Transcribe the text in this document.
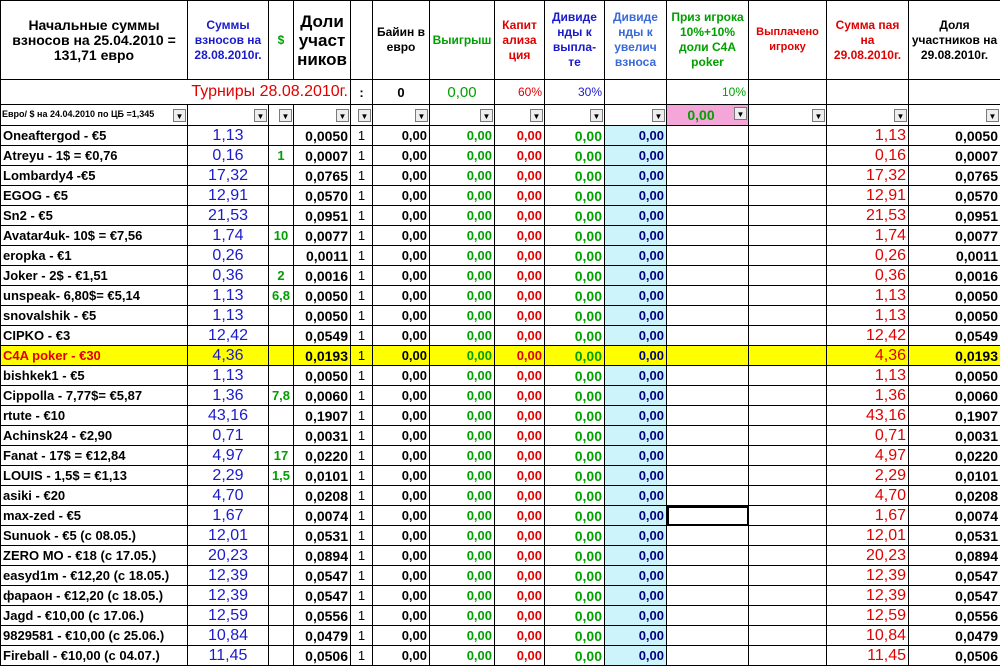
Начальные суммы взносов на 25.04.2010 = 131,71 евро	Суммы взносов на 28.08.2010г.	$	Доли участ ников		Байин в евро	Выигрыш	Капит ализа ция	Дивиде нды к выпла- те	Дивиде нды к увелич взноса	Приз игрока 10%+10% доли C4A poker	Выплачено игроку	Сумма пая на 29.08.2010г.	Доля участников на 29.08.2010г.
Турниры 28.08.2010г.				:	0	0,00	60%	30%		10%			
Евро/ $ на 24.04.2010 по ЦБ =1,345 ▼	▼	▼	▼	▼	▼	▼	▼	▼	▼	0,00 ▼	▼	▼	▼

Oneaftergod - €5	1,13		0,0050	1	0,00	0,00	0,00	0,00	0,00			1,13	0,0050
Atreyu - 1$ = €0,76	0,16	1	0,0007	1	0,00	0,00	0,00	0,00	0,00			0,16	0,0007
Lombardy4 -€5	17,32		0,0765	1	0,00	0,00	0,00	0,00	0,00			17,32	0,0765
EGOG - €5	12,91		0,0570	1	0,00	0,00	0,00	0,00	0,00			12,91	0,0570
Sn2 - €5	21,53		0,0951	1	0,00	0,00	0,00	0,00	0,00			21,53	0,0951
Avatar4uk- 10$ = €7,56	1,74	10	0,0077	1	0,00	0,00	0,00	0,00	0,00			1,74	0,0077
eropka - €1	0,26		0,0011	1	0,00	0,00	0,00	0,00	0,00			0,26	0,0011
Joker - 2$ - €1,51	0,36	2	0,0016	1	0,00	0,00	0,00	0,00	0,00			0,36	0,0016
unspeak- 6,80$= €5,14	1,13	6,8	0,0050	1	0,00	0,00	0,00	0,00	0,00			1,13	0,0050
snovalshik - €5	1,13		0,0050	1	0,00	0,00	0,00	0,00	0,00			1,13	0,0050
CIPKO - €3	12,42		0,0549	1	0,00	0,00	0,00	0,00	0,00			12,42	0,0549
C4A poker - €30	4,36		0,0193	1	0,00	0,00	0,00	0,00	0,00			4,36	0,0193
bishkek1 - €5	1,13		0,0050	1	0,00	0,00	0,00	0,00	0,00			1,13	0,0050
Cippolla - 7,77$= €5,87	1,36	7,8	0,0060	1	0,00	0,00	0,00	0,00	0,00			1,36	0,0060
rtute - €10	43,16		0,1907	1	0,00	0,00	0,00	0,00	0,00			43,16	0,1907
Achinsk24 - €2,90	0,71		0,0031	1	0,00	0,00	0,00	0,00	0,00			0,71	0,0031
Fanat - 17$ = €12,84	4,97	17	0,0220	1	0,00	0,00	0,00	0,00	0,00			4,97	0,0220
LOUIS - 1,5$ = €1,13	2,29	1,5	0,0101	1	0,00	0,00	0,00	0,00	0,00			2,29	0,0101
asiki - €20	4,70		0,0208	1	0,00	0,00	0,00	0,00	0,00			4,70	0,0208
max-zed - €5	1,67		0,0074	1	0,00	0,00	0,00	0,00	0,00			1,67	0,0074
Sunuok - €5 (с 08.05.)	12,01		0,0531	1	0,00	0,00	0,00	0,00	0,00			12,01	0,0531
ZERO MO - €18 (с 17.05.)	20,23		0,0894	1	0,00	0,00	0,00	0,00	0,00			20,23	0,0894
easyd1m - €12,20 (с 18.05.)	12,39		0,0547	1	0,00	0,00	0,00	0,00	0,00			12,39	0,0547
фараон - €12,20 (с 18.05.)	12,39		0,0547	1	0,00	0,00	0,00	0,00	0,00			12,39	0,0547
Jagd - €10,00 (с 17.06.)	12,59		0,0556	1	0,00	0,00	0,00	0,00	0,00			12,59	0,0556
9829581 - €10,00 (с 25.06.)	10,84		0,0479	1	0,00	0,00	0,00	0,00	0,00			10,84	0,0479
Fireball - €10,00 (с 04.07.)	11,45		0,0506	1	0,00	0,00	0,00	0,00	0,00			11,45	0,0506
